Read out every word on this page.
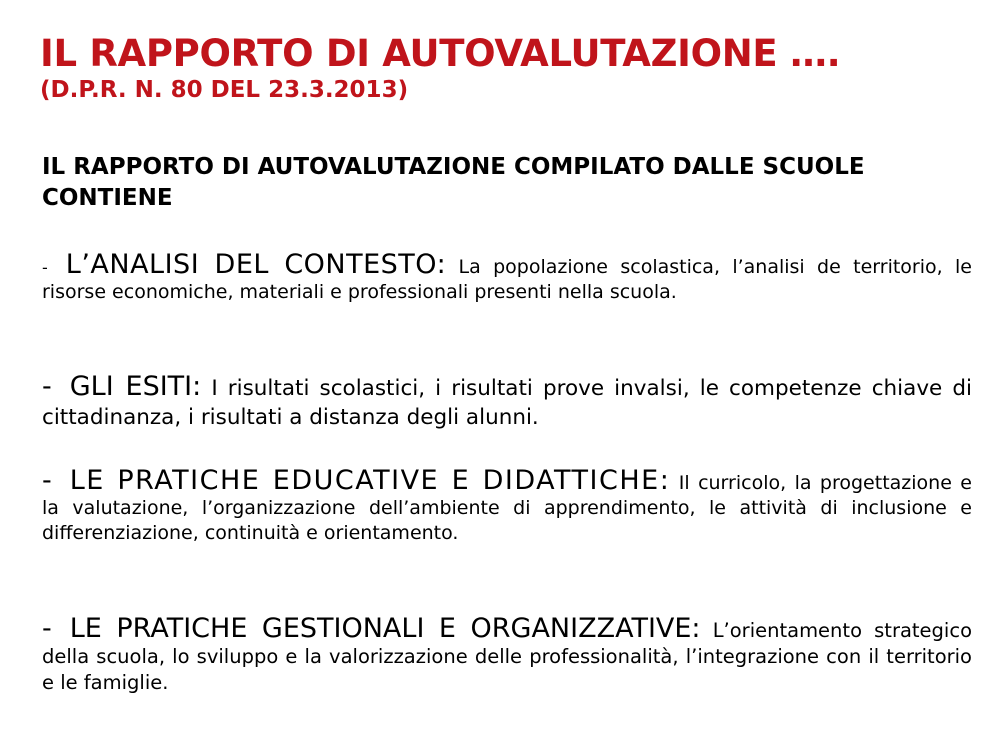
IL RAPPORTO DI AUTOVALUTAZIONE ….
(D.P.R. N. 80 DEL 23.3.2013)
IL RAPPORTO DI AUTOVALUTAZIONE COMPILATO DALLE SCUOLE CONTIENE
- L’ANALISI DEL CONTESTO: La popolazione scolastica, l’analisi de territorio, le risorse economiche, materiali e professionali presenti nella scuola.
- GLI ESITI: I risultati scolastici, i risultati prove invalsi, le competenze chiave di cittadinanza, i risultati a distanza degli alunni.
- LE PRATICHE EDUCATIVE E DIDATTICHE: Il curricolo, la progettazione e la valutazione, l’organizzazione dell’ambiente di apprendimento, le attività di inclusione e differenziazione, continuità e orientamento.
- LE PRATICHE GESTIONALI E ORGANIZZATIVE: L’orientamento strategico della scuola, lo sviluppo e la valorizzazione delle professionalità, l’integrazione con il territorio e le famiglie.
